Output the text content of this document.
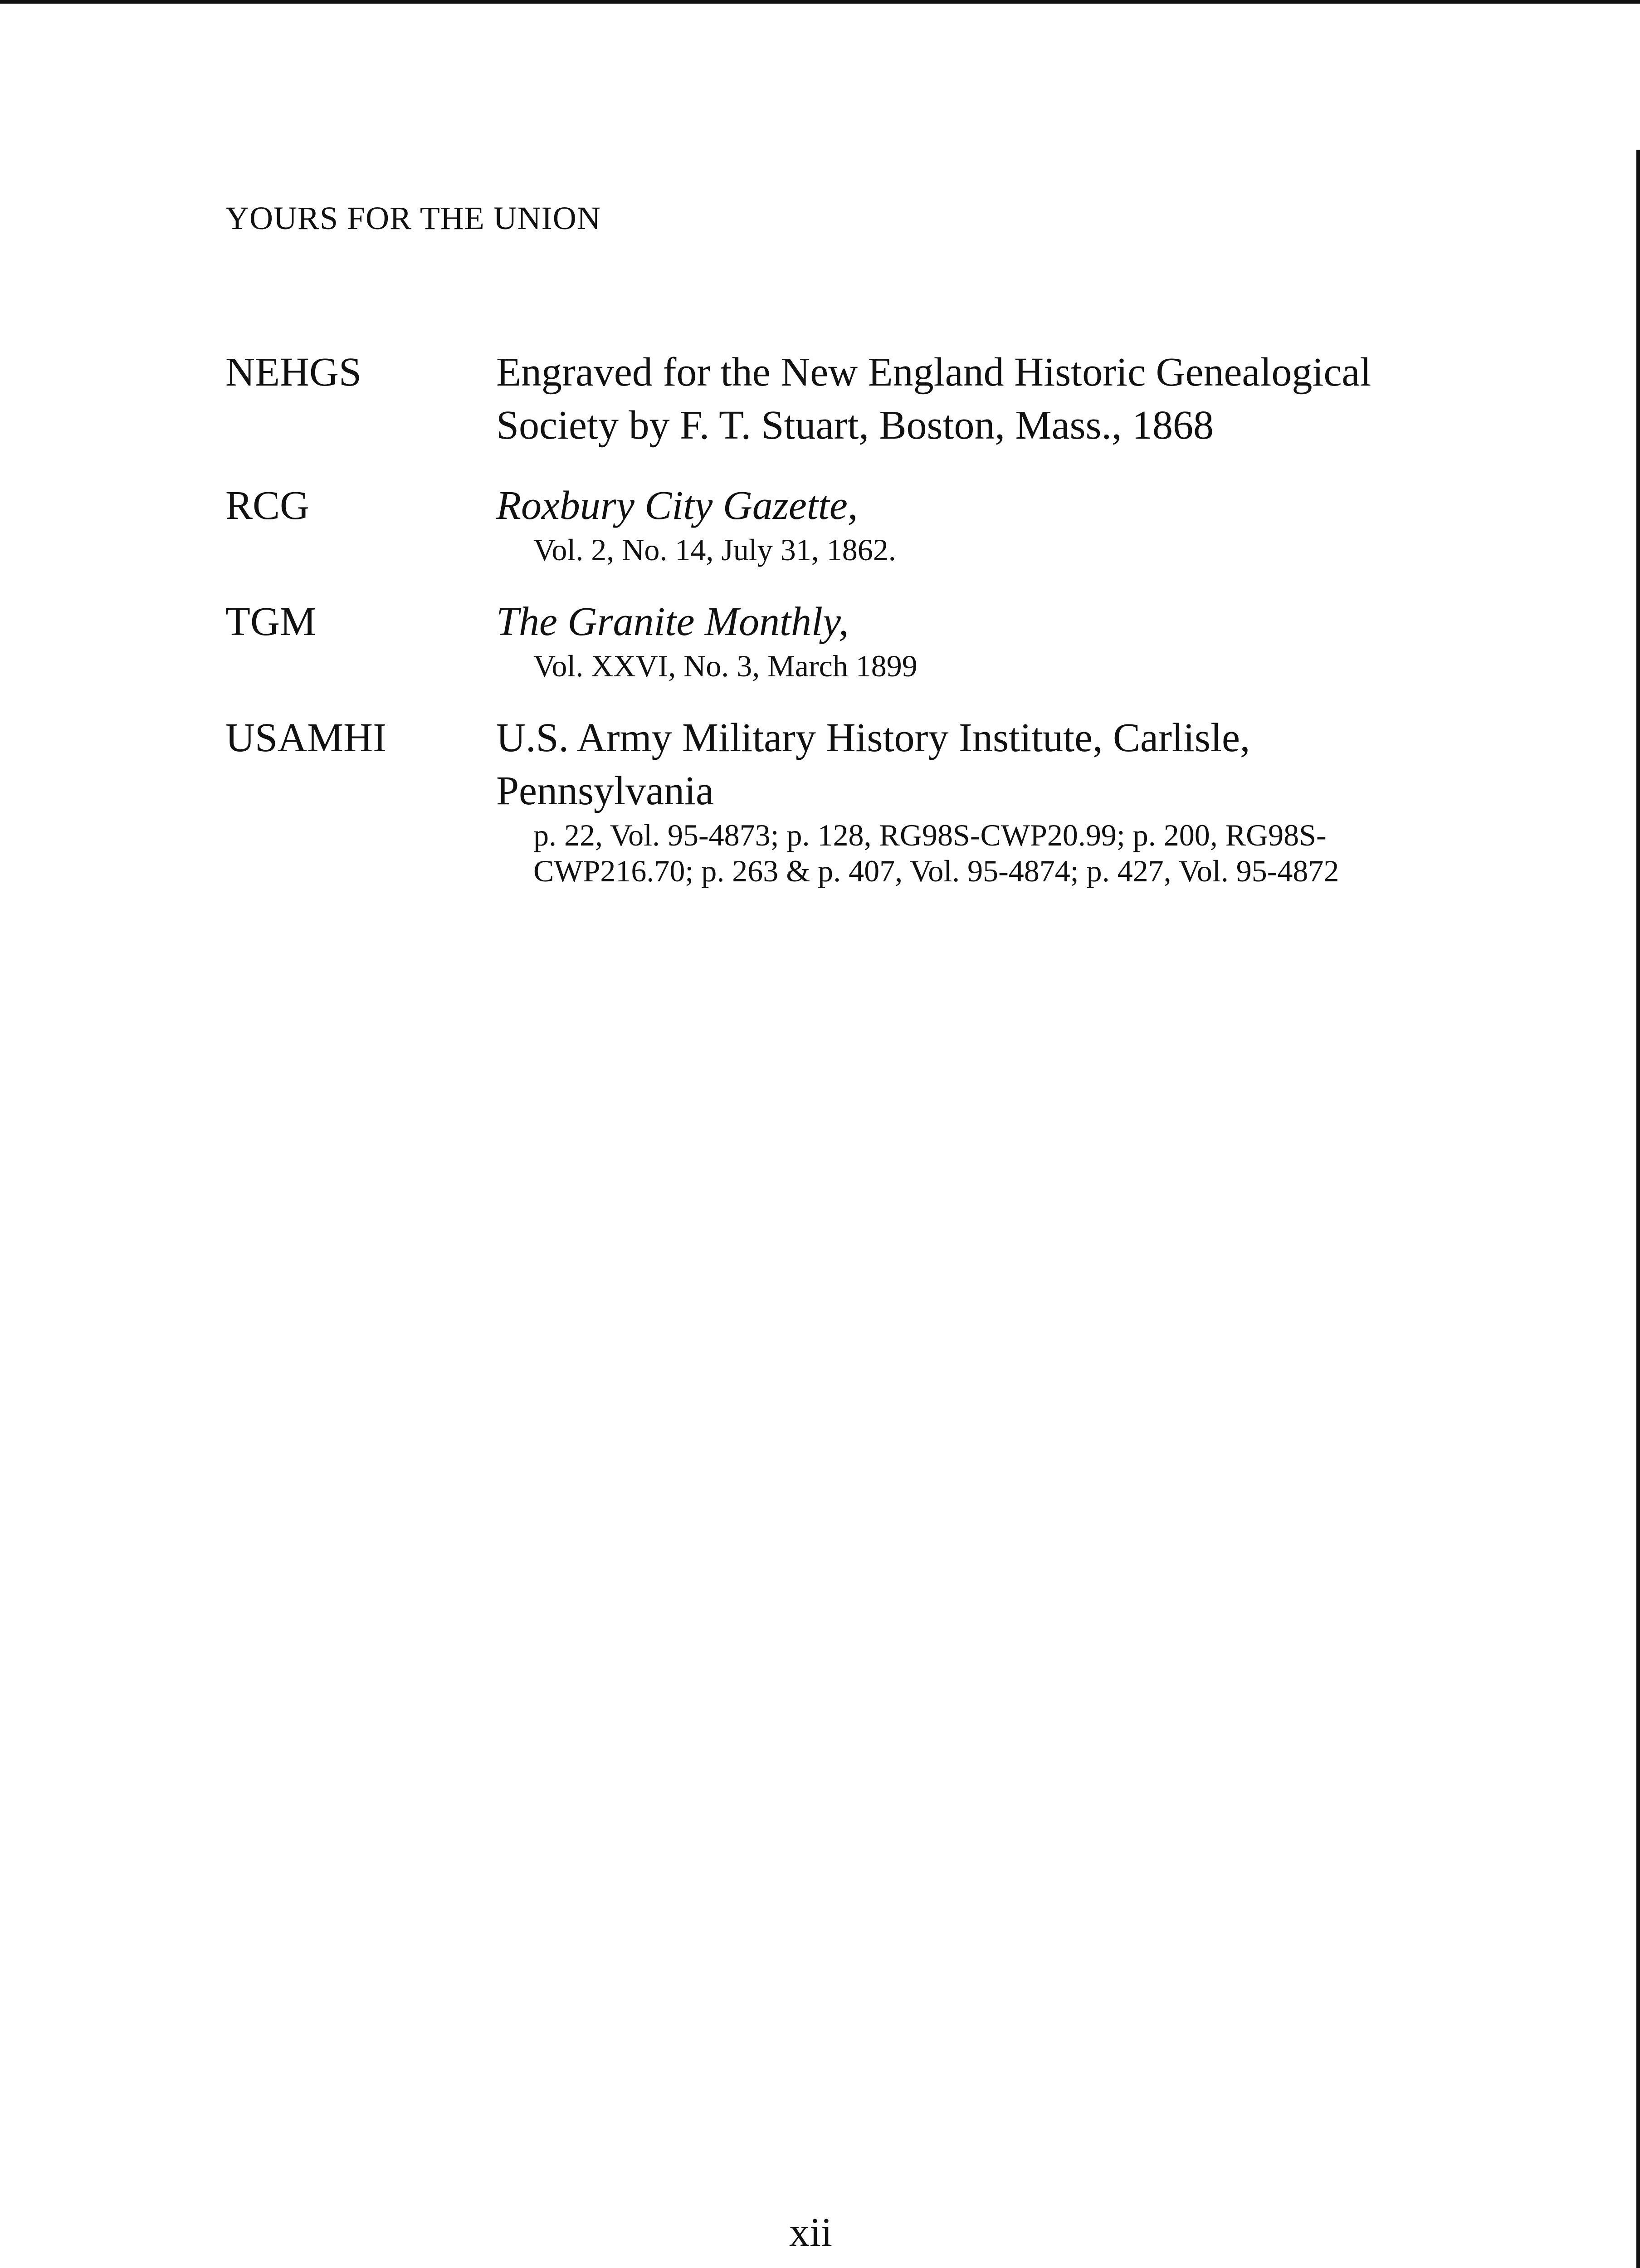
YOURS FOR THE UNION
NEHGS	Engraved for the New England Historic Genealogical Society by F. T. Stuart, Boston, Mass., 1868
RCG	Roxbury City Gazette,
Vol. 2, No. 14, July 31, 1862.
TGM	The Granite Monthly,
Vol. XXVI, No. 3, March 1899
USAMHI	U.S. Army Military History Institute, Carlisle, Pennsylvania
p. 22, Vol. 95-4873; p. 128, RG98S-CWP20.99; p. 200, RG98S-CWP216.70; p. 263 & p. 407, Vol. 95-4874; p. 427, Vol. 95-4872
xii
